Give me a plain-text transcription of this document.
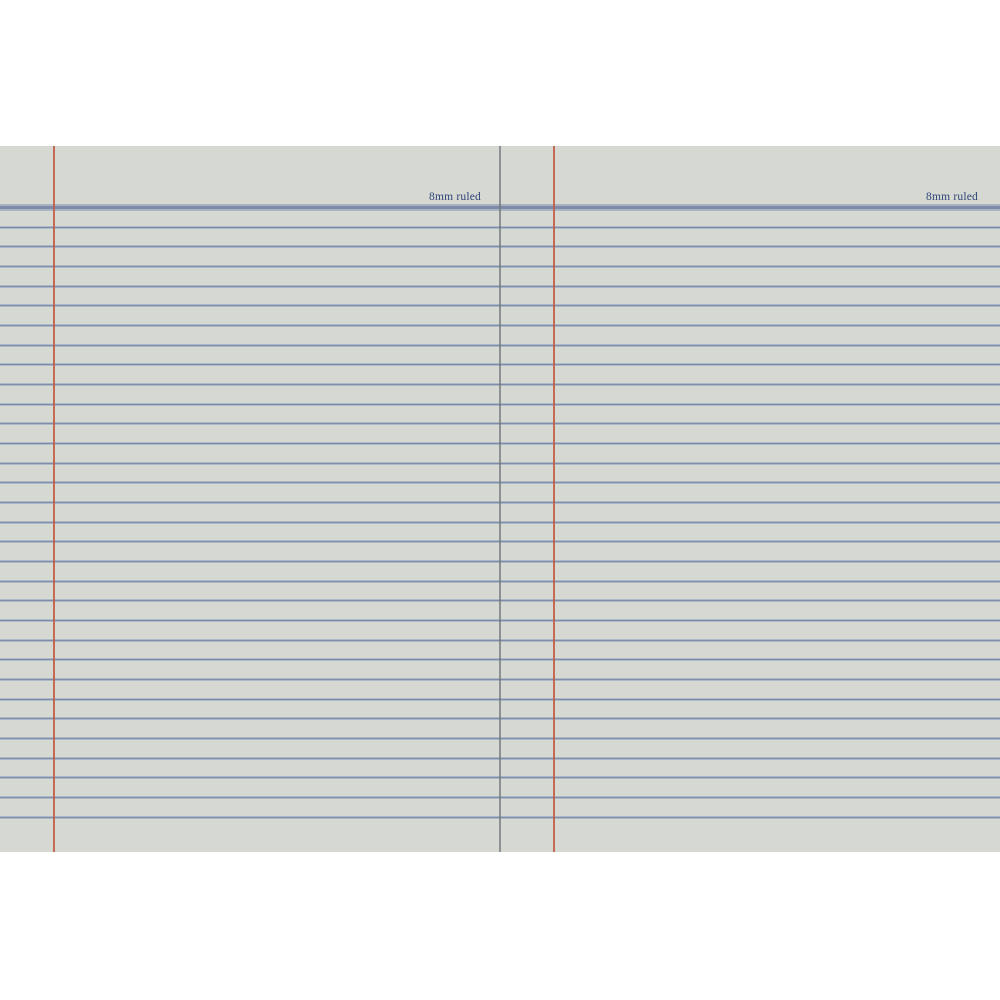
8mm ruled	8mm ruled
